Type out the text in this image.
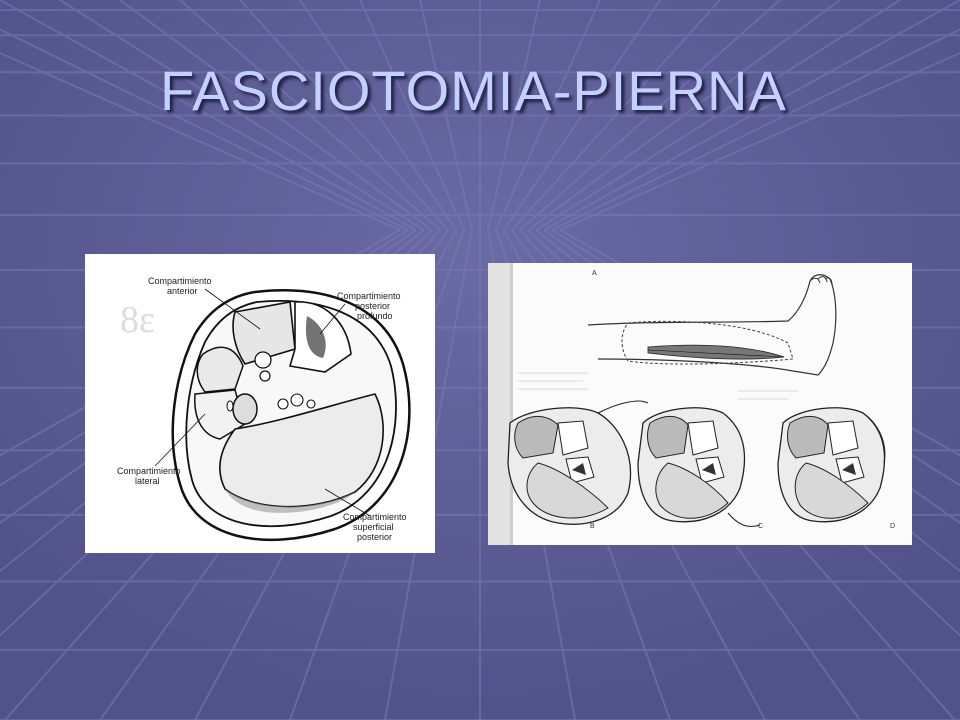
FASCIOTOMIA-PIERNA
8ε
Compartimiento anterior	Compartimiento posterior profundo
Compartimiento lateral
Compartimiento superficial posterior
A
B	C	D
